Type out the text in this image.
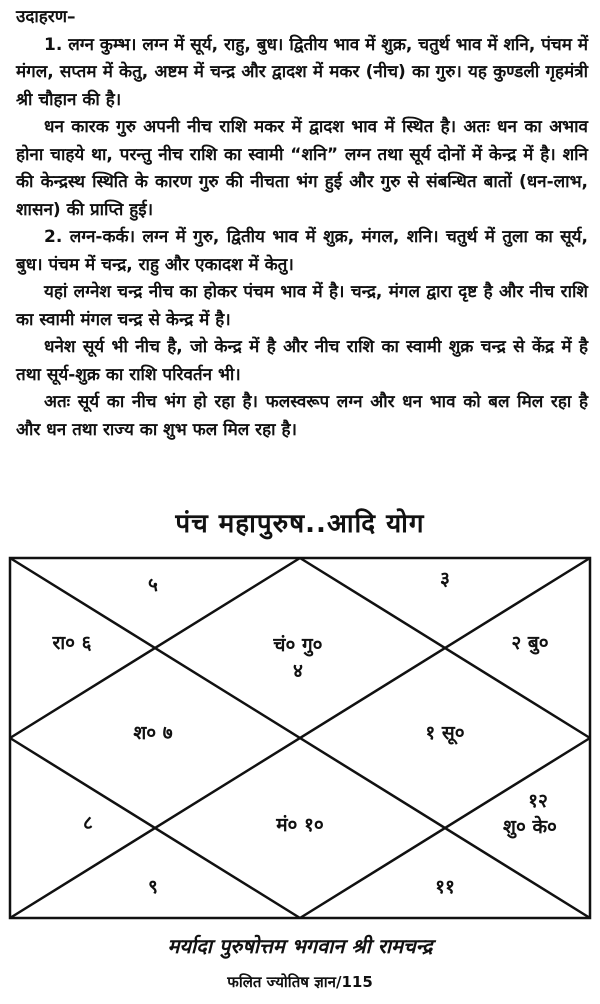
उदाहरण–

1. लग्न कुम्भ। लग्न में सूर्य, राहु, बुध। द्वितीय भाव में शुक्र, चतुर्थ भाव में शनि, पंचम में मंगल, सप्तम में केतु, अष्टम में चन्द्र और द्वादश में मकर (नीच) का गुरु। यह कुण्डली गृहमंत्री श्री चौहान की है।

धन कारक गुरु अपनी नीच राशि मकर में द्वादश भाव में स्थित है। अतः धन का अभाव होना चाहये था, परन्तु नीच राशि का स्वामी “शनि” लग्न तथा सूर्य दोनों में केन्द्र में है। शनि की केन्द्रस्थ स्थिति के कारण गुरु की नीचता भंग हुई और गुरु से संबन्धित बातों (धन-लाभ, शासन) की प्राप्ति हुई।

2. लग्न-कर्क। लग्न में गुरु, द्वितीय भाव में शुक्र, मंगल, शनि। चतुर्थ में तुला का सूर्य, बुध। पंचम में चन्द्र, राहु और एकादश में केतु।

यहां लग्नेश चन्द्र नीच का होकर पंचम भाव में है। चन्द्र, मंगल द्वारा दृष्ट है और नीच राशि का स्वामी मंगल चन्द्र से केन्द्र में है।

धनेश सूर्य भी नीच है, जो केन्द्र में है और नीच राशि का स्वामी शुक्र चन्द्र से केंद्र में है तथा सूर्य-शुक्र का राशि परिवर्तन भी।

अतः सूर्य का नीच भंग हो रहा है। फलस्वरूप लग्न और धन भाव को बल मिल रहा है और धन तथा राज्य का शुभ फल मिल रहा है।

पंच महापुरुष..आदि योग
चं० गु०
४
५
रा० ६
श० ७
८
९
मं० १०
११
१२
शु० के०
१ सू०
२ बु०
३
मर्यादा पुरुषोत्तम भगवान श्री रामचन्द्र
फलित ज्योतिष ज्ञान/115
